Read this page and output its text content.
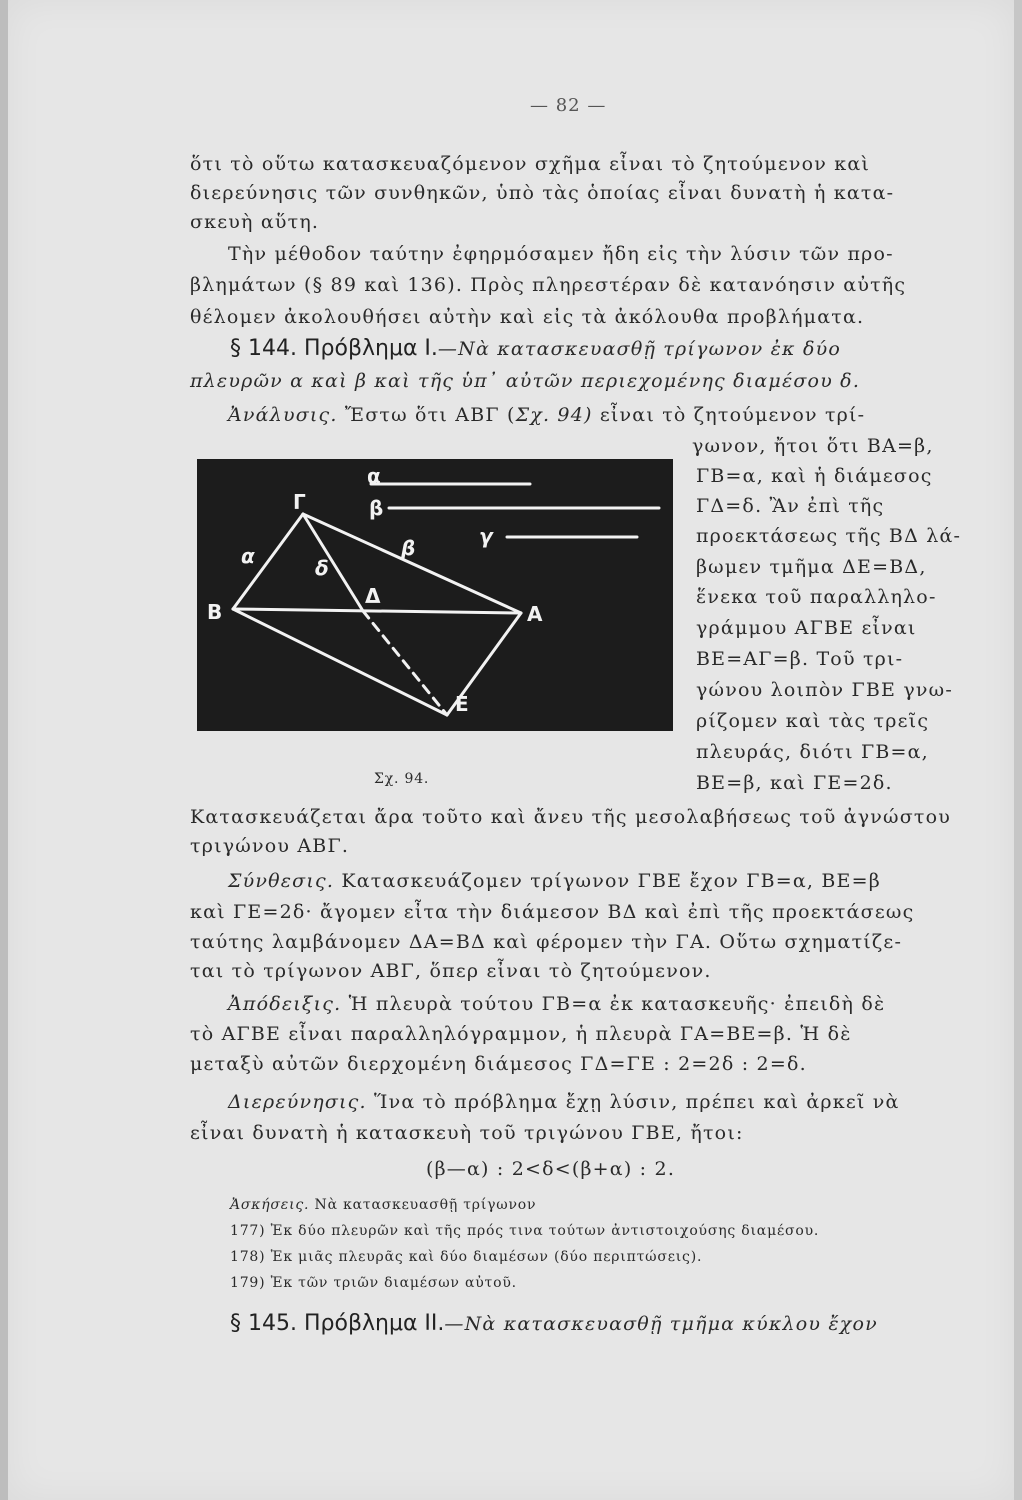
— 82 —
ὅτι τὸ οὕτω κατασκευαζόμενον σχῆμα εἶναι τὸ ζητούμενον καὶ
διερεύνησις τῶν συνθηκῶν, ὑπὸ τὰς ὁποίας εἶναι δυνατὴ ἡ κατα-
σκευὴ αὕτη.
Τὴν μέθοδον ταύτην ἐφηρμόσαμεν ἤδη εἰς τὴν λύσιν τῶν προ-
βλημάτων (§ 89 καὶ 136). Πρὸς πληρεστέραν δὲ κατανόησιν αὐτῆς
θέλομεν ἀκολουθήσει αὐτὴν καὶ εἰς τὰ ἀκόλουθα προβλήματα.
§ 144. Πρόβλημα Ι.—Νὰ κατασκευασθῇ τρίγωνον ἐκ δύο
πλευρῶν α καὶ β καὶ τῆς ὑπ᾽ αὐτῶν περιεχομένης διαμέσου δ.
Ἀνάλυσις. Ἔστω ὅτι ΑΒΓ (Σχ. 94) εἶναι τὸ ζητούμενον τρί-
γωνον, ἤτοι ὅτι ΒΑ=β,
ΓΒ=α, καὶ ἡ διάμεσος
ΓΔ=δ. Ἂν ἐπὶ τῆς
προεκτάσεως τῆς ΒΔ λά-
βωμεν τμῆμα ΔΕ=ΒΔ,
ἕνεκα τοῦ παραλληλο-
γράμμου ΑΓΒΕ εἶναι
ΒΕ=ΑΓ=β. Τοῦ τρι-
γώνου λοιπὸν ΓΒΕ γνω-
ρίζομεν καὶ τὰς τρεῖς
πλευράς, διότι ΓΒ=α,
ΒΕ=β, καὶ ΓΕ=2δ.
α
β
γ
Γ
B	A
Δ
E
α	β
δ
Σχ. 94.
Κατασκευάζεται ἄρα τοῦτο καὶ ἄνευ τῆς μεσολαβήσεως τοῦ ἀγνώστου
τριγώνου ΑΒΓ.
Σύνθεσις. Κατασκευάζομεν τρίγωνον ΓΒΕ ἔχον ΓΒ=α, ΒΕ=β
καὶ ΓΕ=2δ· ἄγομεν εἶτα τὴν διάμεσον ΒΔ καὶ ἐπὶ τῆς προεκτάσεως
ταύτης λαμβάνομεν ΔΑ=ΒΔ καὶ φέρομεν τὴν ΓΑ. Οὕτω σχηματίζε-
ται τὸ τρίγωνον ΑΒΓ, ὅπερ εἶναι τὸ ζητούμενον.
Ἀπόδειξις. Ἡ πλευρὰ τούτου ΓΒ=α ἐκ κατασκευῆς· ἐπειδὴ δὲ
τὸ ΑΓΒΕ εἶναι παραλληλόγραμμον, ἡ πλευρὰ ΓΑ=ΒΕ=β. Ἡ δὲ
μεταξὺ αὐτῶν διερχομένη διάμεσος ΓΔ=ΓΕ : 2=2δ : 2=δ.
Διερεύνησις. Ἵνα τὸ πρόβλημα ἔχῃ λύσιν, πρέπει καὶ ἀρκεῖ νὰ
εἶναι δυνατὴ ἡ κατασκευὴ τοῦ τριγώνου ΓΒΕ, ἤτοι:
(β—α) : 2<δ<(β+α) : 2.
Ἀσκήσεις. Νὰ κατασκευασθῇ τρίγωνον
177) Ἐκ δύο πλευρῶν καὶ τῆς πρός τινα τούτων ἀντιστοιχούσης διαμέσου.
178) Ἐκ μιᾶς πλευρᾶς καὶ δύο διαμέσων (δύο περιπτώσεις).
179) Ἐκ τῶν τριῶν διαμέσων αὐτοῦ.
§ 145. Πρόβλημα ΙΙ.—Νὰ κατασκευασθῇ τμῆμα κύκλου ἔχον
